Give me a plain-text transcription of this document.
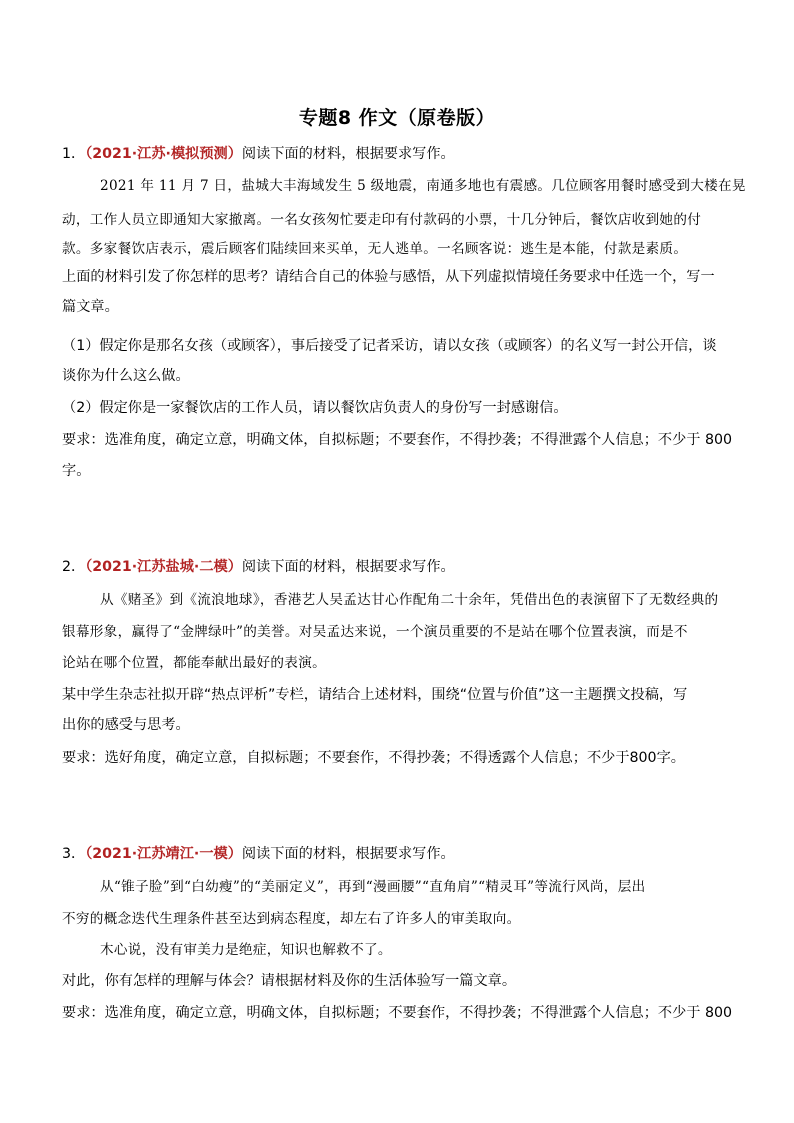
专题8 作文（原卷版）
1．（2021·江苏·模拟预测）阅读下面的材料，根据要求写作。
2021 年 11 月 7 日，盐城大丰海域发生 5 级地震，南通多地也有震感。几位顾客用餐时感受到大楼在晃
动，工作人员立即通知大家撤离。一名女孩匆忙要走印有付款码的小票，十几分钟后，餐饮店收到她的付
款。多家餐饮店表示，震后顾客们陆续回来买单，无人逃单。一名顾客说：逃生是本能，付款是素质。
上面的材料引发了你怎样的思考？请结合自己的体验与感悟，从下列虚拟情境任务要求中任选一个，写一
篇文章。
（1）假定你是那名女孩（或顾客），事后接受了记者采访，请以女孩（或顾客）的名义写一封公开信，谈
谈你为什么这么做。
（2）假定你是一家餐饮店的工作人员，请以餐饮店负责人的身份写一封感谢信。
要求：选准角度，确定立意，明确文体，自拟标题；不要套作，不得抄袭；不得泄露个人信息；不少于 800
字。
2．（2021·江苏盐城·二模）阅读下面的材料，根据要求写作。
从《赌圣》到《流浪地球》，香港艺人吴孟达甘心作配角二十余年，凭借出色的表演留下了无数经典的
银幕形象，赢得了“金牌绿叶”的美誉。对吴孟达来说，一个演员重要的不是站在哪个位置表演，而是不
论站在哪个位置，都能奉献出最好的表演。
某中学生杂志社拟开辟“热点评析”专栏，请结合上述材料，围绕“位置与价值”这一主题撰文投稿，写
出你的感受与思考。
要求：选好角度，确定立意，自拟标题；不要套作，不得抄袭；不得透露个人信息；不少于800字。
3．（2021·江苏靖江·一模）阅读下面的材料，根据要求写作。
从“锥子脸”到“白幼瘦”的“美丽定义”，再到“漫画腰”“直角肩”“精灵耳”等流行风尚，层出
不穷的概念迭代生理条件甚至达到病态程度，却左右了许多人的审美取向。
木心说，没有审美力是绝症，知识也解救不了。
对此，你有怎样的理解与体会？请根据材料及你的生活体验写一篇文章。
要求：选准角度，确定立意，明确文体，自拟标题；不要套作，不得抄袭；不得泄露个人信息；不少于 800
